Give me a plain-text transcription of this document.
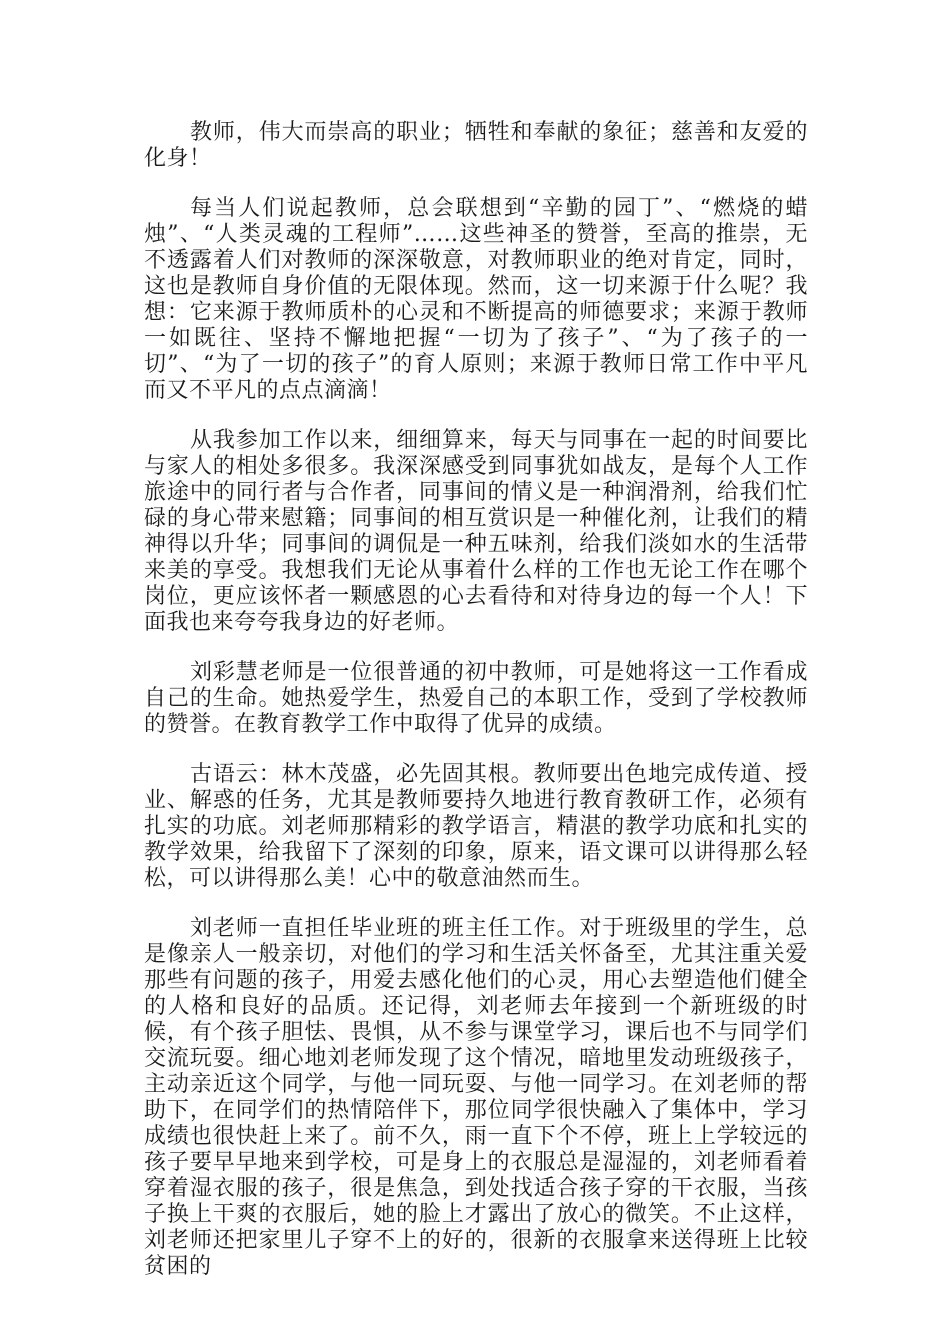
教师，伟大而崇高的职业；牺牲和奉献的象征；慈善和友爱的化身！

每当人们说起教师，总会联想到“辛勤的园丁”、“燃烧的蜡烛”、“人类灵魂的工程师”……这些神圣的赞誉，至高的推崇，无不透露着人们对教师的深深敬意，对教师职业的绝对肯定，同时，这也是教师自身价值的无限体现。然而，这一切来源于什么呢？我想：它来源于教师质朴的心灵和不断提高的师德要求；来源于教师一如既往、坚持不懈地把握“一切为了孩子”、“为了孩子的一切”、“为了一切的孩子”的育人原则；来源于教师日常工作中平凡而又不平凡的点点滴滴！

从我参加工作以来，细细算来，每天与同事在一起的时间要比与家人的相处多很多。我深深感受到同事犹如战友，是每个人工作旅途中的同行者与合作者，同事间的情义是一种润滑剂，给我们忙碌的身心带来慰籍；同事间的相互赏识是一种催化剂，让我们的精神得以升华；同事间的调侃是一种五味剂，给我们淡如水的生活带来美的享受。我想我们无论从事着什么样的工作也无论工作在哪个岗位，更应该怀者一颗感恩的心去看待和对待身边的每一个人！下面我也来夸夸我身边的好老师。

刘彩慧老师是一位很普通的初中教师，可是她将这一工作看成自己的生命。她热爱学生，热爱自己的本职工作，受到了学校教师的赞誉。在教育教学工作中取得了优异的成绩。

古语云：林木茂盛，必先固其根。教师要出色地完成传道、授业、解惑的任务，尤其是教师要持久地进行教育教研工作，必须有扎实的功底。刘老师那精彩的教学语言，精湛的教学功底和扎实的教学效果，给我留下了深刻的印象，原来，语文课可以讲得那么轻松，可以讲得那么美！心中的敬意油然而生。

刘老师一直担任毕业班的班主任工作。对于班级里的学生，总是像亲人一般亲切，对他们的学习和生活关怀备至，尤其注重关爱那些有问题的孩子，用爱去感化他们的心灵，用心去塑造他们健全的人格和良好的品质。还记得，刘老师去年接到一个新班级的时候，有个孩子胆怯、畏惧，从不参与课堂学习，课后也不与同学们交流玩耍。细心地刘老师发现了这个情况，暗地里发动班级孩子，主动亲近这个同学，与他一同玩耍、与他一同学习。在刘老师的帮助下，在同学们的热情陪伴下，那位同学很快融入了集体中，学习成绩也很快赶上来了。前不久，雨一直下个不停，班上上学较远的孩子要早早地来到学校，可是身上的衣服总是湿湿的，刘老师看着穿着湿衣服的孩子，很是焦急，到处找适合孩子穿的干衣服，当孩子换上干爽的衣服后，她的脸上才露出了放心的微笑。不止这样，刘老师还把家里儿子穿不上的好的，很新的衣服拿来送得班上比较贫困的
